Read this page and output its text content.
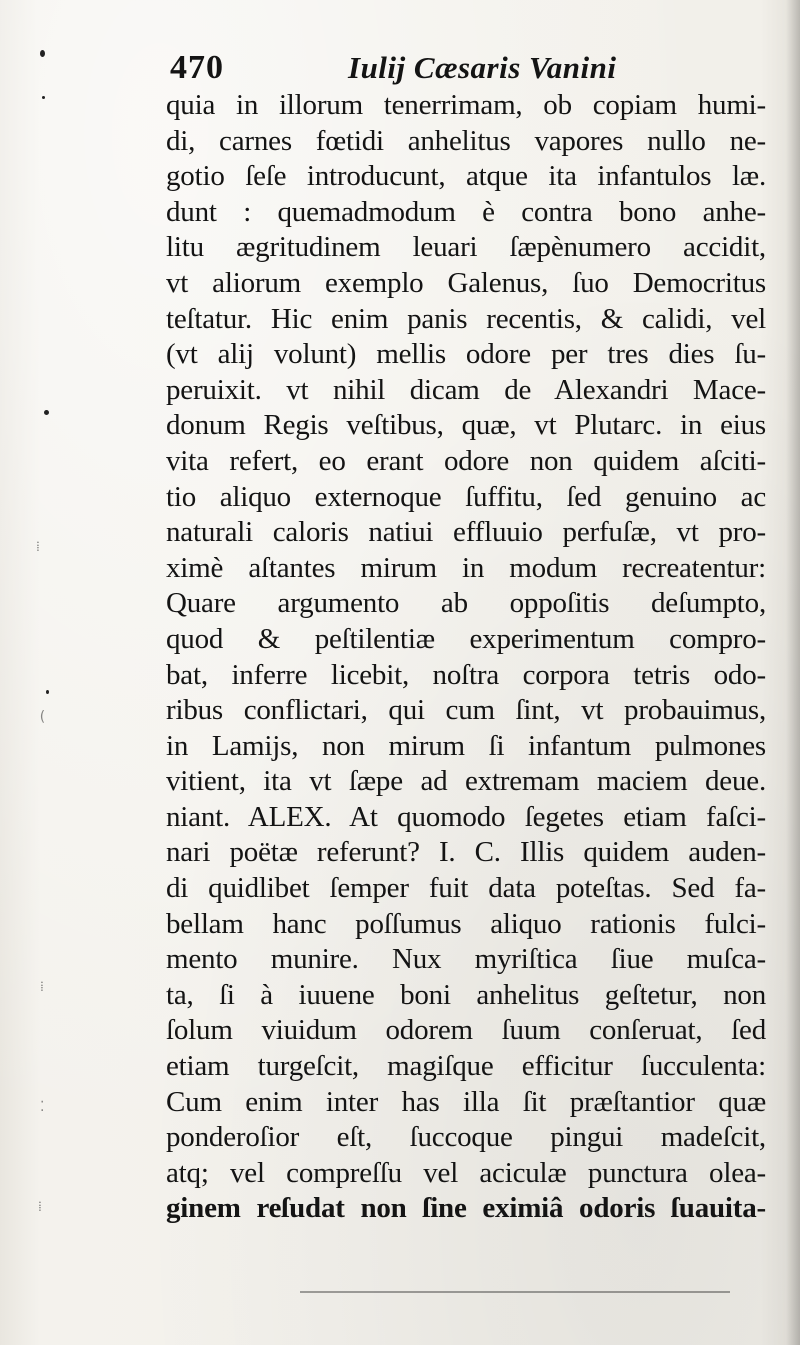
470	Iulij Cæsaris Vanini
quia in illorum tenerrimam, ob copiam humi-
di, carnes fœtidi anhelitus vapores nullo ne-
gotio ſeſe introducunt, atque ita infantulos læ.
dunt : quemadmodum è contra bono anhe-
litu ægritudinem leuari ſæpènumero accidit,
vt aliorum exemplo Galenus, ſuo Democritus
teſtatur. Hic enim panis recentis, & calidi, vel
(vt alij volunt) mellis odore per tres dies ſu-
peruixit. vt nihil dicam de Alexandri Mace-
donum Regis veſtibus, quæ, vt Plutarc. in eius
vita refert, eo erant odore non quidem aſciti-
tio aliquo externoque ſuffitu, ſed genuino ac
naturali caloris natiui effluuio perfuſæ, vt pro-
ximè aſtantes mirum in modum recreatentur:
Quare argumento ab oppoſitis deſumpto,
quod & peſtilentiæ experimentum compro-
bat, inferre licebit, noſtra corpora tetris odo-
ribus conflictari, qui cum ſint, vt probauimus,
in Lamijs, non mirum ſi infantum pulmones
vitient, ita vt ſæpe ad extremam maciem deue.
niant. ALEX. At quomodo ſegetes etiam faſci-
nari poëtæ referunt? I. C. Illis quidem auden-
di quidlibet ſemper fuit data poteſtas. Sed fa-
bellam hanc poſſumus aliquo rationis fulci-
mento munire. Nux myriſtica ſiue muſca-
ta, ſi à iuuene boni anhelitus geſtetur, non
ſolum viuidum odorem ſuum conſeruat, ſed
etiam turgeſcit, magiſque efficitur ſucculenta:
Cum enim inter has illa ſit præſtantior quæ
ponderoſior eſt, ſuccoque pingui madeſcit,
atq; vel compreſſu vel aciculæ punctura olea-
ginem reſudat non ſine eximiâ odoris ſuauita-
⁞
(
⁞
⁚
⁞
